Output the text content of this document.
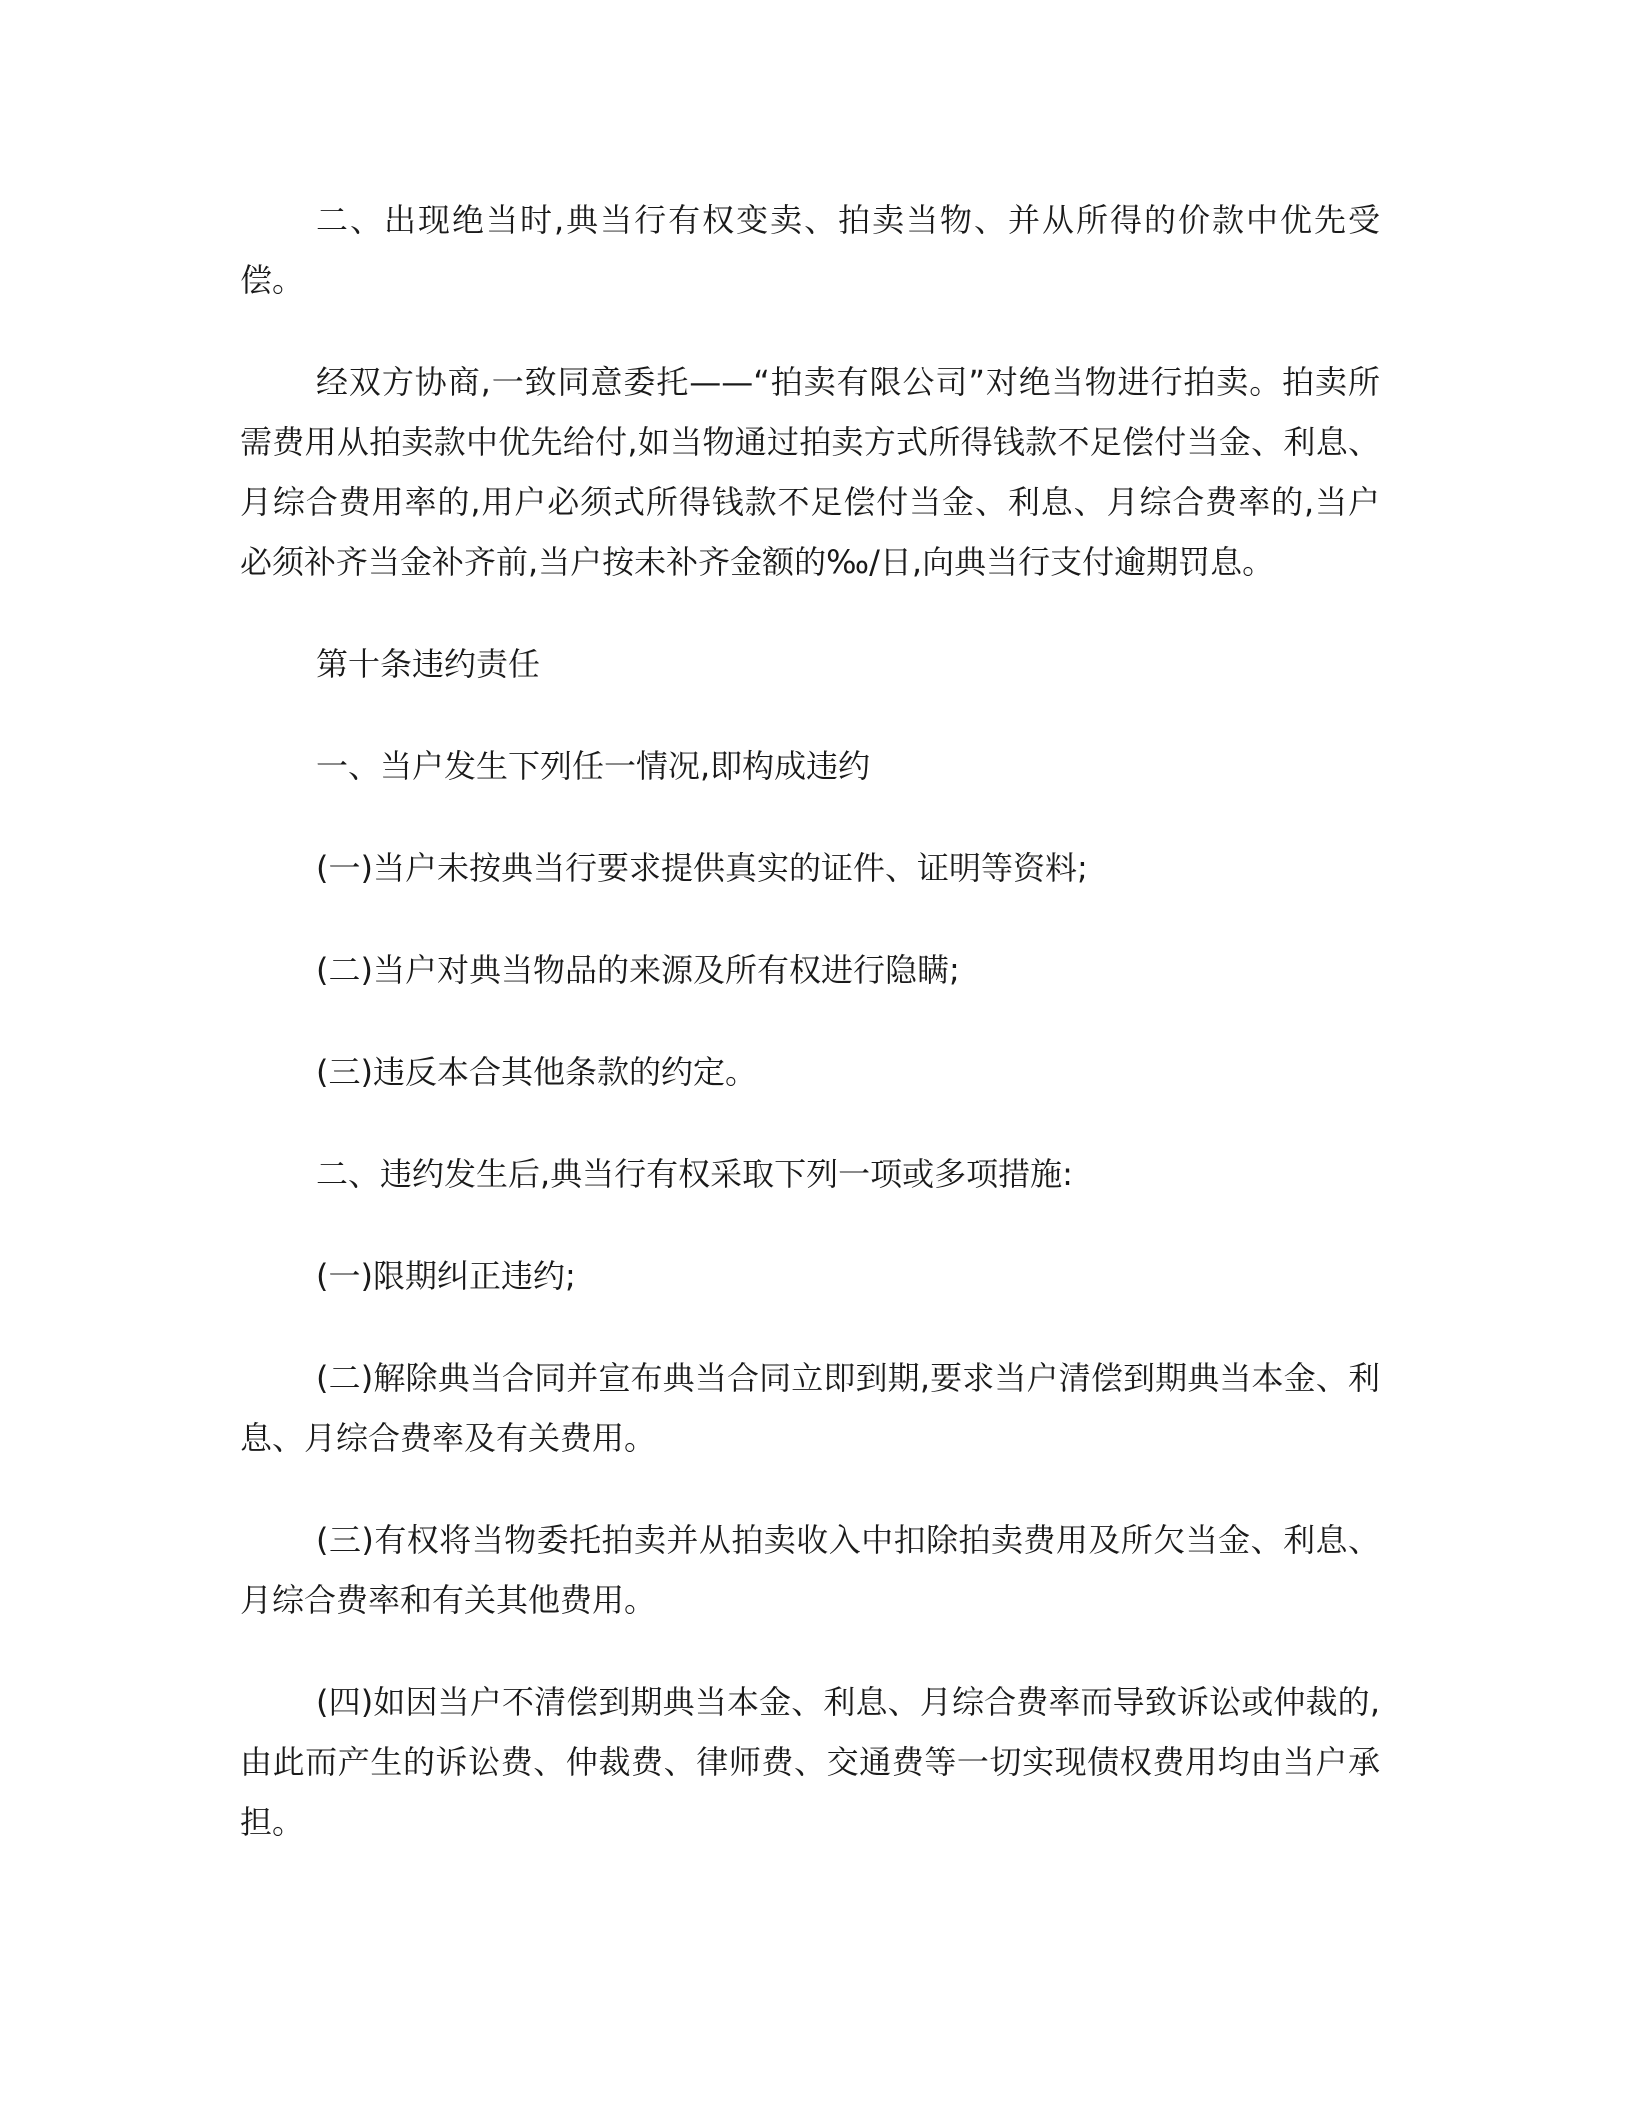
二、出现绝当时,典当行有权变卖、拍卖当物、并从所得的价款中优先受偿。

经双方协商,一致同意委托——“拍卖有限公司”对绝当物进行拍卖。拍卖所需费用从拍卖款中优先给付,如当物通过拍卖方式所得钱款不足偿付当金、利息、月综合费用率的,用户必须式所得钱款不足偿付当金、利息、月综合费率的,当户必须补齐当金补齐前,当户按未补齐金额的‰/日,向典当行支付逾期罚息。

第十条违约责任

一、当户发生下列任一情况,即构成违约

(一)当户未按典当行要求提供真实的证件、证明等资料;

(二)当户对典当物品的来源及所有权进行隐瞒;

(三)违反本合其他条款的约定。

二、违约发生后,典当行有权采取下列一项或多项措施:

(一)限期纠正违约;

(二)解除典当合同并宣布典当合同立即到期,要求当户清偿到期典当本金、利息、月综合费率及有关费用。

(三)有权将当物委托拍卖并从拍卖收入中扣除拍卖费用及所欠当金、利息、月综合费率和有关其他费用。

(四)如因当户不清偿到期典当本金、利息、月综合费率而导致诉讼或仲裁的,由此而产生的诉讼费、仲裁费、律师费、交通费等一切实现债权费用均由当户承担。
